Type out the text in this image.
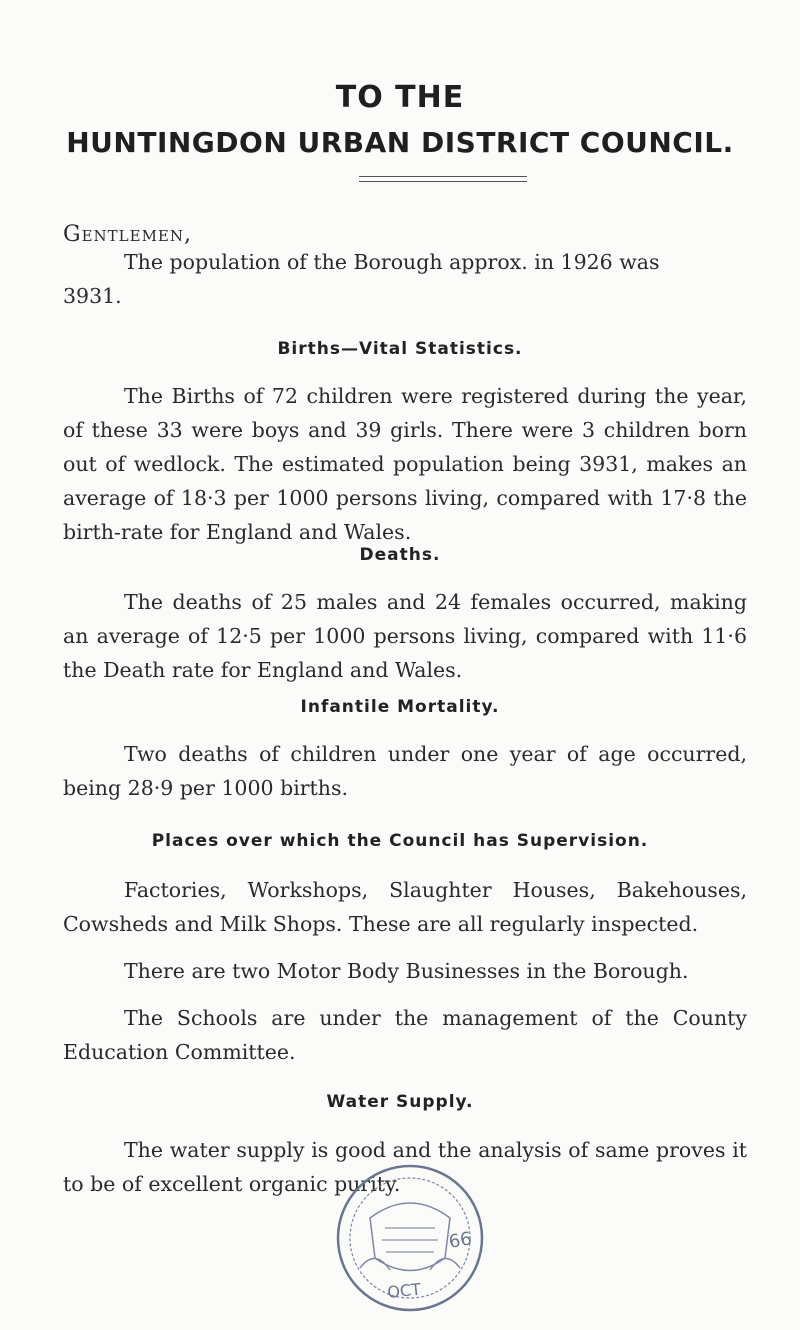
TO THE
HUNTINGDON URBAN DISTRICT COUNCIL.
Gentlemen,
The population of the Borough approx. in 1926 was
3931.
Births—Vital Statistics.
The Births of 72 children were registered during the year, of these 33 were boys and 39 girls. There were 3 children born out of wedlock. The estimated population being 3931, makes an average of 18·3 per 1000 persons living, compared with 17·8 the birth-rate for England and Wales.
Deaths.
The deaths of 25 males and 24 females occurred, making an average of 12·5 per 1000 persons living, compared with 11·6 the Death rate for England and Wales.
Infantile Mortality.
Two deaths of children under one year of age occurred, being 28·9 per 1000 births.
Places over which the Council has Supervision.
Factories, Workshops, Slaughter Houses, Bakehouses, Cowsheds and Milk Shops. These are all regularly inspected.
There are two Motor Body Businesses in the Borough.
The Schools are under the management of the County Education Committee.
Water Supply.
The water supply is good and the analysis of same proves it to be of excellent organic purity.
66
OCT
